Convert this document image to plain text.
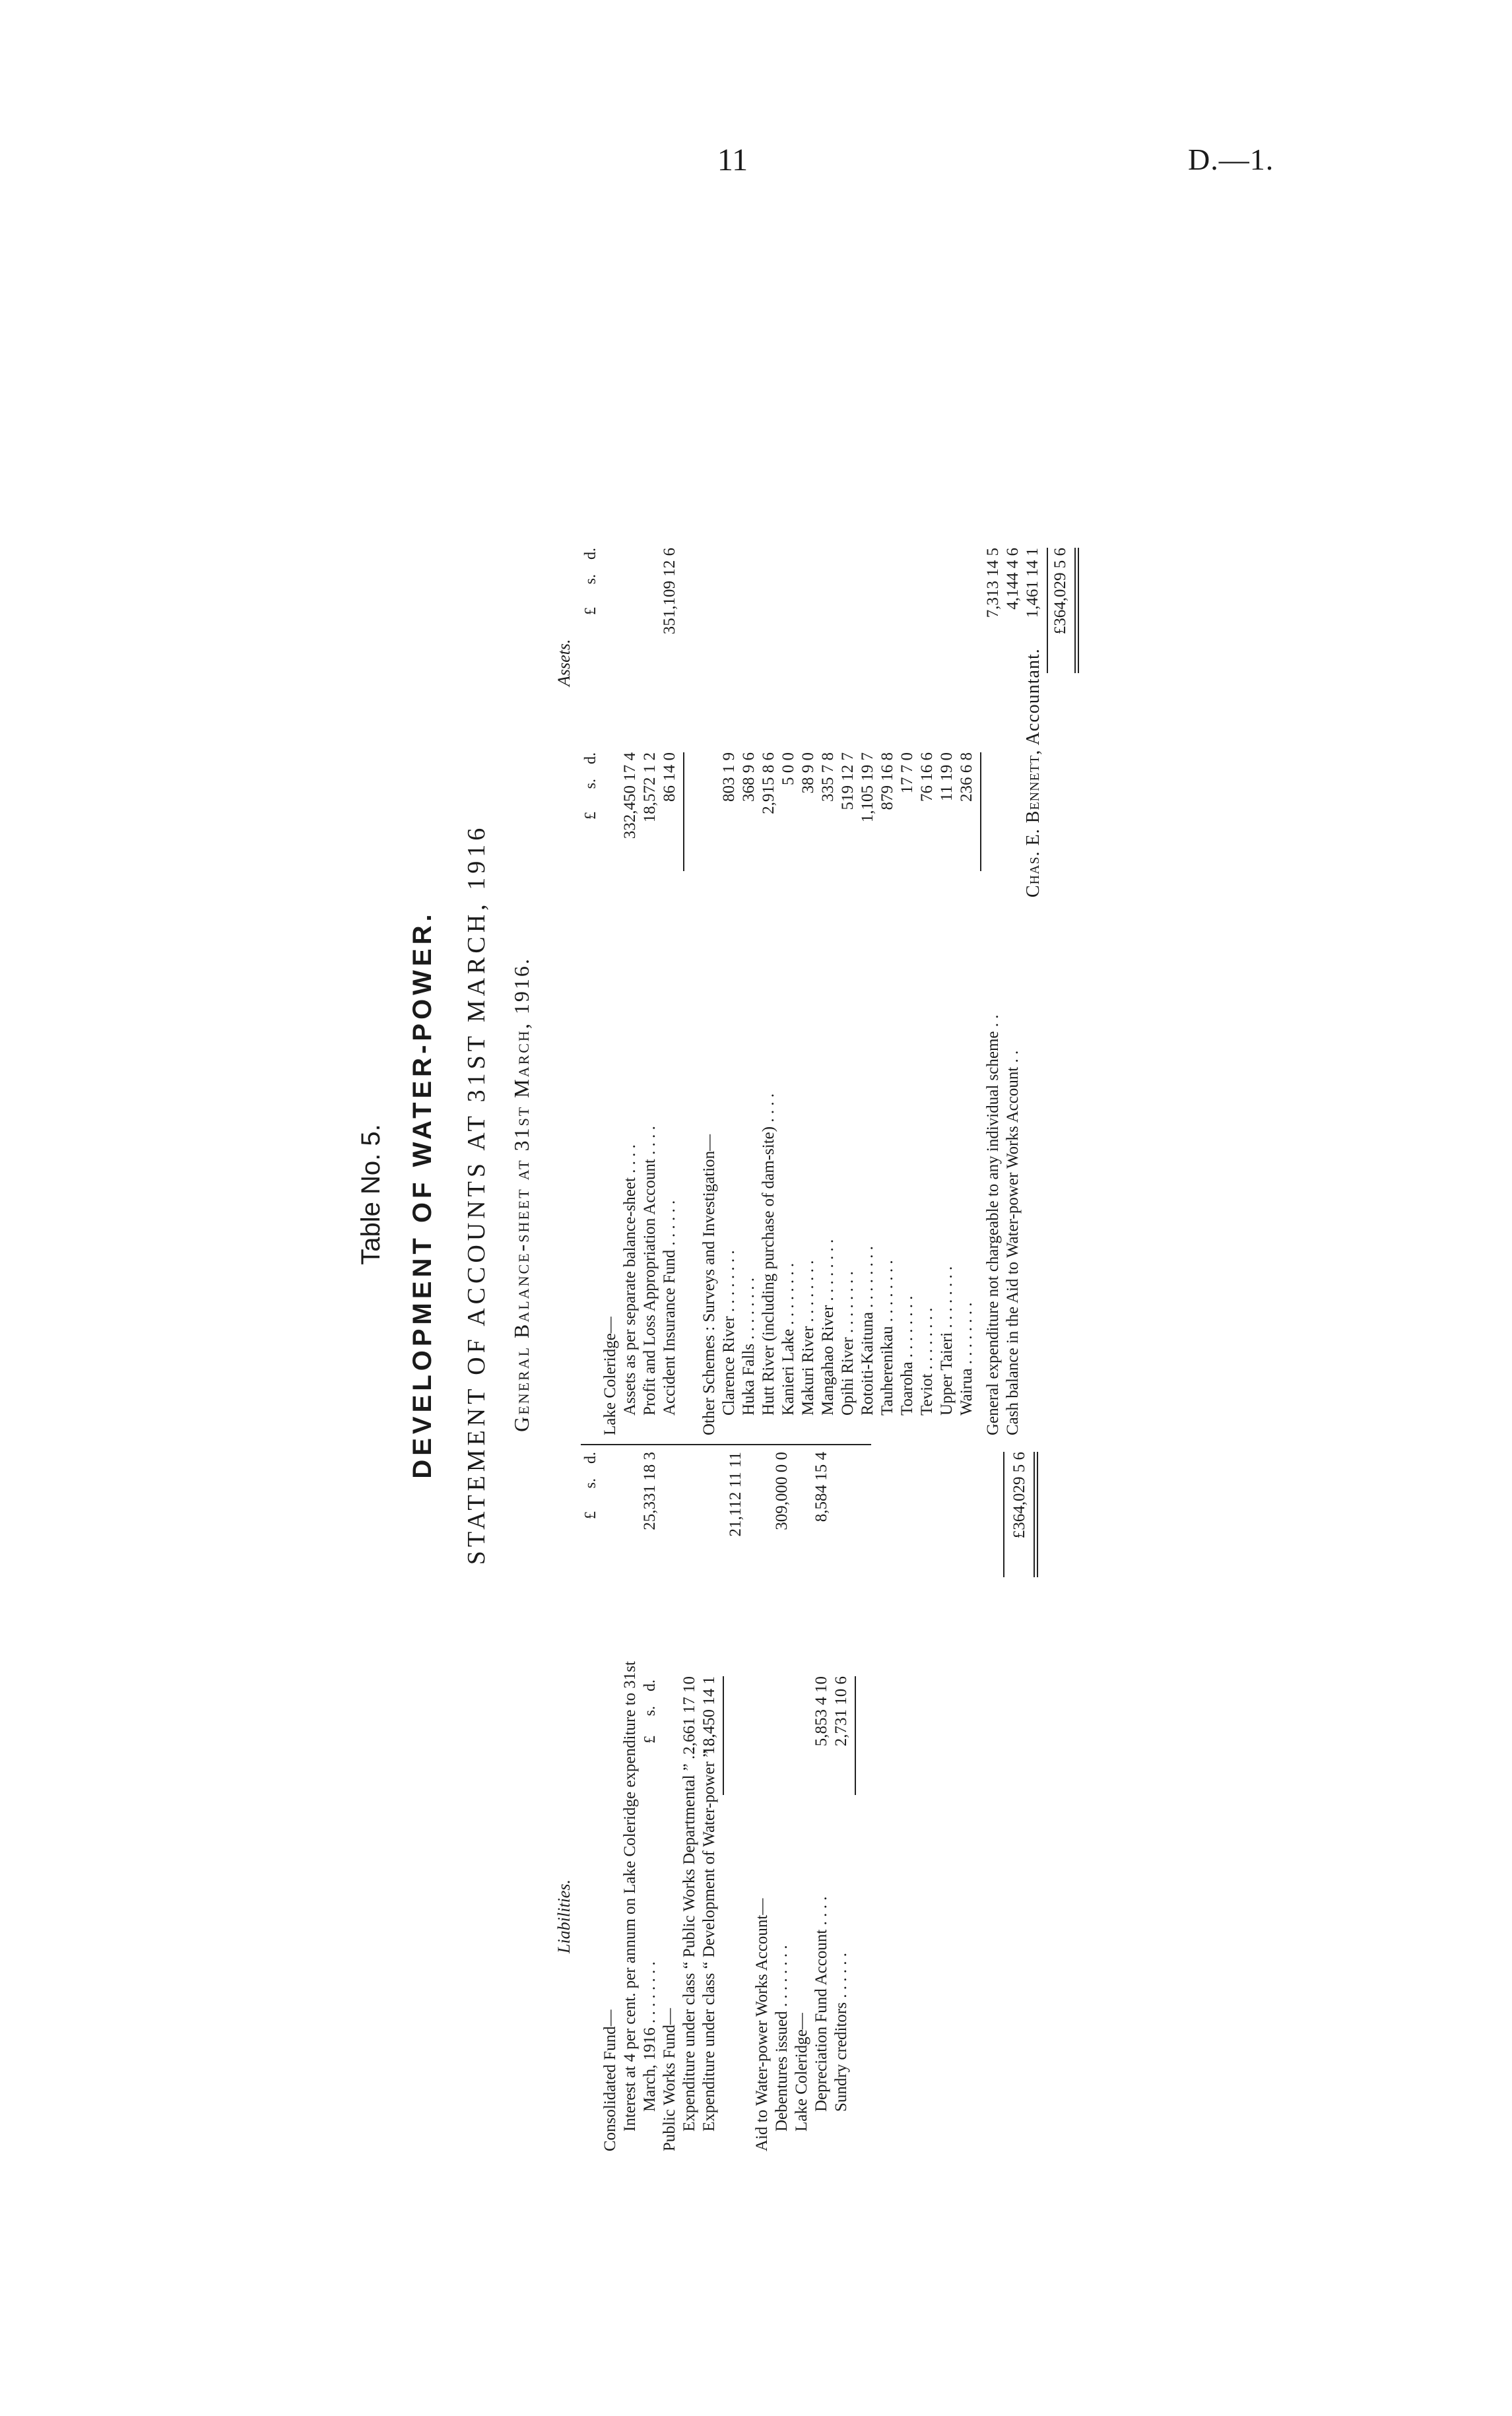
11	D.—1.
Table No. 5. DEVELOPMENT OF WATER-POWER. STATEMENT OF ACCOUNTS AT 31ST MARCH, 1916 General Balance-sheet at 31st March, 1916.
Liabilities.
Assets.
£
s.
d.
Consolidated Fund— Interest at 4 per cent. per annum on Lake Coleridge expenditure to 31st March, 1916 . . . . . . . .
25,331 18 3
£
s.
d.
Public Works Fund— Expenditure under class “ Public Works Departmental ” . .
2,661 17 10
Expenditure under class “ Development of Water-power ” . .
18,450 14 1
21,112 11 11
Aid to Water-power Works Account— Debentures issued . . . . . . . .
309,000 0 0
Lake Coleridge— Depreciation Fund Account . . . .
5,853 4 10
Sundry creditors . . . . . .
2,731 10 6
8,584 15 4	£364,029 5 6
£
s.
d.
£
s.
d.
Lake Coleridge— Assets as per separate balance-sheet . . . .
332,450 17 4
Profit and Loss Appropriation Account . . . .
18,572 1 2
Accident Insurance Fund . . . . . .
86 14 0
351,109 12 6
Other Schemes : Surveys and Investigation— Clarence River . . . . . . . .
803 1 9
Huka Falls . . . . . . . .
368 9 6
Hutt River (including purchase of dam-site) . . . .
2,915 8 6
Kanieri Lake . . . . . . . .
5 0 0
Makuri River . . . . . . . .
38 9 0
Mangahao River . . . . . . . .
335 7 8
Opihi River . . . . . . . .
519 12 7
Rotoiti-Kaituna . . . . . . . .
1,105 19 7
Tauherenikau . . . . . . . .
879 16 8
Toaroha . . . . . . . .
17 7 0
Teviot . . . . . . . .
76 16 6
Upper Taieri . . . . . . . .
11 19 0
Wairua . . . . . . . .
236 6 8
7,313 14 5
General expenditure not chargeable to any individual scheme . .
4,144 4 6
Cash balance in the Aid to Water-power Works Account . .
1,461 14 1 £364,029 5 6
Chas. E. Bennett, Accountant.
